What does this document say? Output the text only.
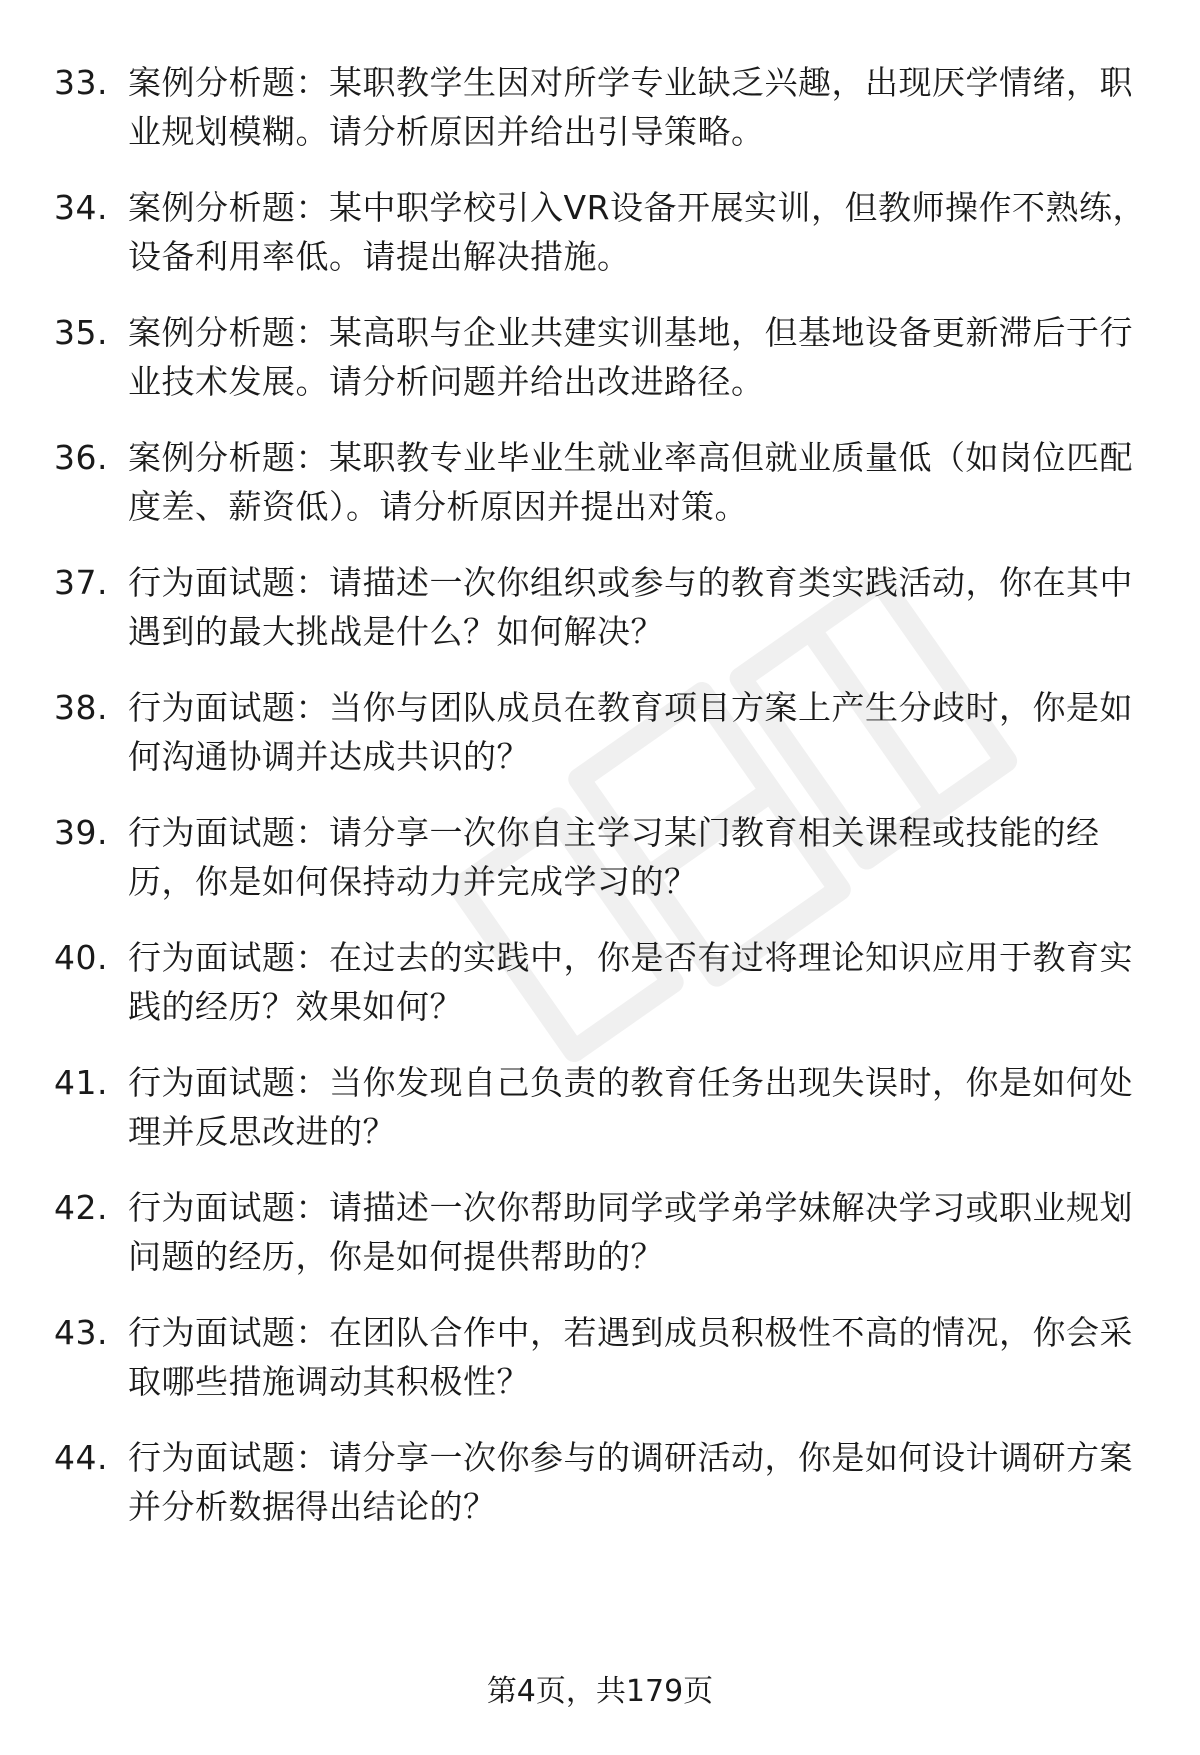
33. 案例分析题：某职教学生因对所学专业缺乏兴趣，出现厌学情绪，职业规划模糊。请分析原因并给出引导策略。
34. 案例分析题：某中职学校引入VR设备开展实训，但教师操作不熟练，设备利用率低。请提出解决措施。
35. 案例分析题：某高职与企业共建实训基地，但基地设备更新滞后于行业技术发展。请分析问题并给出改进路径。
36. 案例分析题：某职教专业毕业生就业率高但就业质量低（如岗位匹配度差、薪资低）。请分析原因并提出对策。
37. 行为面试题：请描述一次你组织或参与的教育类实践活动，你在其中遇到的最大挑战是什么？如何解决？
38. 行为面试题：当你与团队成员在教育项目方案上产生分歧时，你是如何沟通协调并达成共识的？
39. 行为面试题：请分享一次你自主学习某门教育相关课程或技能的经历，你是如何保持动力并完成学习的？
40. 行为面试题：在过去的实践中，你是否有过将理论知识应用于教育实践的经历？效果如何？
41. 行为面试题：当你发现自己负责的教育任务出现失误时，你是如何处理并反思改进的？
42. 行为面试题：请描述一次你帮助同学或学弟学妹解决学习或职业规划问题的经历，你是如何提供帮助的？
43. 行为面试题：在团队合作中，若遇到成员积极性不高的情况，你会采取哪些措施调动其积极性？
44. 行为面试题：请分享一次你参与的调研活动，你是如何设计调研方案并分析数据得出结论的？
第4页，共179页
